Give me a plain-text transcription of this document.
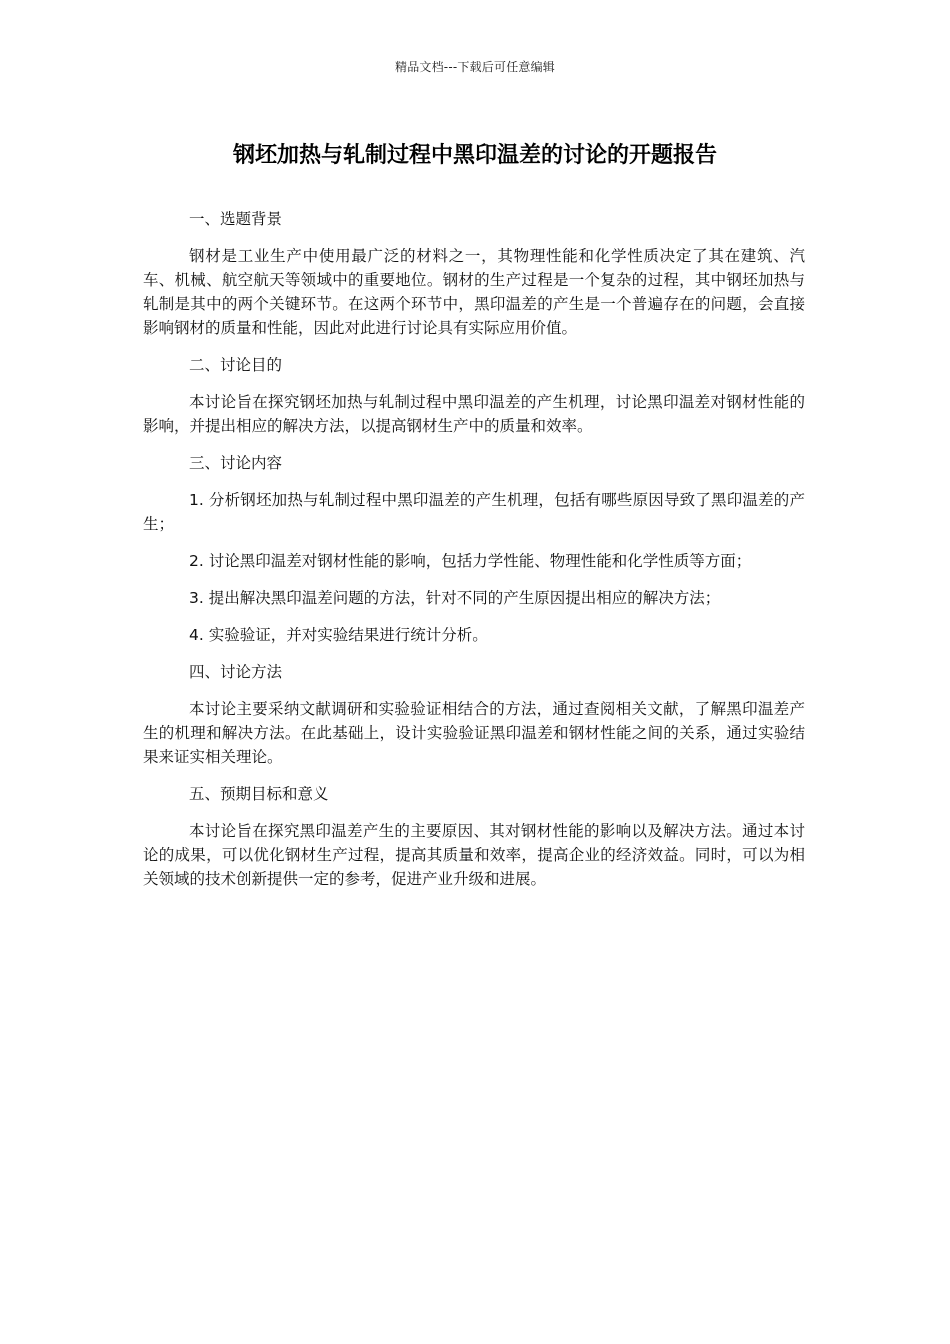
精品文档---下载后可任意编辑
钢坯加热与轧制过程中黑印温差的讨论的开题报告

一、选题背景

钢材是工业生产中使用最广泛的材料之一，其物理性能和化学性质决定了其在建筑、汽车、机械、航空航天等领域中的重要地位。钢材的生产过程是一个复杂的过程，其中钢坯加热与轧制是其中的两个关键环节。在这两个环节中，黑印温差的产生是一个普遍存在的问题，会直接影响钢材的质量和性能，因此对此进行讨论具有实际应用价值。

二、讨论目的

本讨论旨在探究钢坯加热与轧制过程中黑印温差的产生机理，讨论黑印温差对钢材性能的影响，并提出相应的解决方法，以提高钢材生产中的质量和效率。

三、讨论内容

1. 分析钢坯加热与轧制过程中黑印温差的产生机理，包括有哪些原因导致了黑印温差的产生；

2. 讨论黑印温差对钢材性能的影响，包括力学性能、物理性能和化学性质等方面；

3. 提出解决黑印温差问题的方法，针对不同的产生原因提出相应的解决方法；

4. 实验验证，并对实验结果进行统计分析。

四、讨论方法

本讨论主要采纳文献调研和实验验证相结合的方法，通过查阅相关文献，了解黑印温差产生的机理和解决方法。在此基础上，设计实验验证黑印温差和钢材性能之间的关系，通过实验结果来证实相关理论。

五、预期目标和意义

本讨论旨在探究黑印温差产生的主要原因、其对钢材性能的影响以及解决方法。通过本讨论的成果，可以优化钢材生产过程，提高其质量和效率，提高企业的经济效益。同时，可以为相关领域的技术创新提供一定的参考，促进产业升级和进展。
